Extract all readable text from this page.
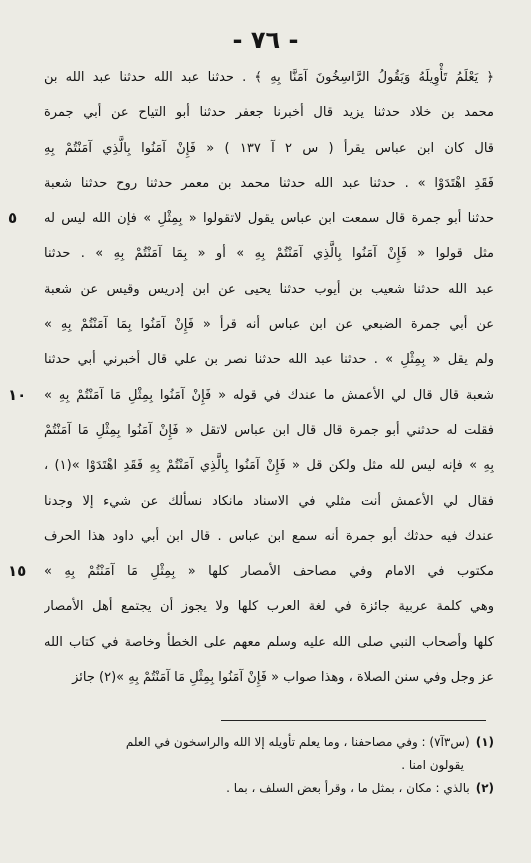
- ٧٦ -
﴿ يَعْلَمُ تَأْوِيلَهُ وَيَقُولُ الرَّاسِخُونَ آمَنَّا بِهِ ﴾ . حدثنا عبد الله حدثنا عبد الله بن
محمد بن خلاد حدثنا يزيد قال أخبرنا جعفر حدثنا أبو التياح عن أبي جمرة
قال كان ابن عباس يقرأ ( س ٢ آ ١٣٧ ) « فَإِنْ آمَنُوا بِالَّذِي آمَنْتُمْ بِهِ
فَقَدِ اهْتَدَوْا » . حدثنا عبد الله حدثنا محمد بن معمر حدثنا روح حدثنا شعبة
حدثنا أبو جمرة قال سمعت ابن عباس يقول لاتقولوا « بِمِثْلِ » فإن الله ليس له
٥
مثل قولوا « فَإِنْ آمَنُوا بِالَّذِي آمَنْتُمْ بِهِ » أو « بِمَا آمَنْتُمْ بِهِ » . حدثنا
عبد الله حدثنا شعيب بن أيوب حدثنا يحيى عن ابن إدريس وقيس عن شعبة
عن أبي جمرة الضبعي عن ابن عباس أنه قرأ « فَإِنْ آمَنُوا بِمَا آمَنْتُمْ بِهِ »
ولم يقل « بِمِثْلِ » . حدثنا عبد الله حدثنا نصر بن علي قال أخبرني أبي حدثنا
شعبة قال قال لي الأعمش ما عندك في قوله « فَإِنْ آمَنُوا بِمِثْلِ مَا آمَنْتُمْ بِهِ »
١٠
فقلت له حدثني أبو جمرة قال قال ابن عباس لاتقل « فَإِنْ آمَنُوا بِمِثْلِ مَا آمَنْتُمْ
بِهِ » فإنه ليس لله مثل ولكن قل « فَإِنْ آمَنُوا بِالَّذِي آمَنْتُمْ بِهِ فَقَدِ اهْتَدَوْا »(١) ،
فقال لي الأعمش أنت مثلي في الاسناد مانكاد نسألك عن شيء إلا وجدنا
عندك فيه حدثك أبو جمرة أنه سمع ابن عباس . قال ابن أبي داود هذا الحرف
مكتوب في الامام وفي مصاحف الأمصار كلها « بِمِثْلِ مَا آمَنْتُمْ بِهِ »
١٥
وهي كلمة عربية جائزة في لغة العرب كلها ولا يجوز أن يجتمع أهل الأمصار
كلها وأصحاب النبي صلى الله عليه وسلم معهم على الخطأ وخاصة في كتاب الله
عز وجل وفي سنن الصلاة ، وهذا صواب « فَإِنْ آمَنُوا بِمِثْلِ مَا آمَنْتُمْ بِهِ »(٢) جائز
(١)(س٣آ٧) : وفي مصاحفنا ، وما يعلم تأويله إلا الله والراسخون في العلم
يقولون امنا .
(٢)بالذي : مكان ، بمثل ما ، وقرأ بعض السلف ، بما .
